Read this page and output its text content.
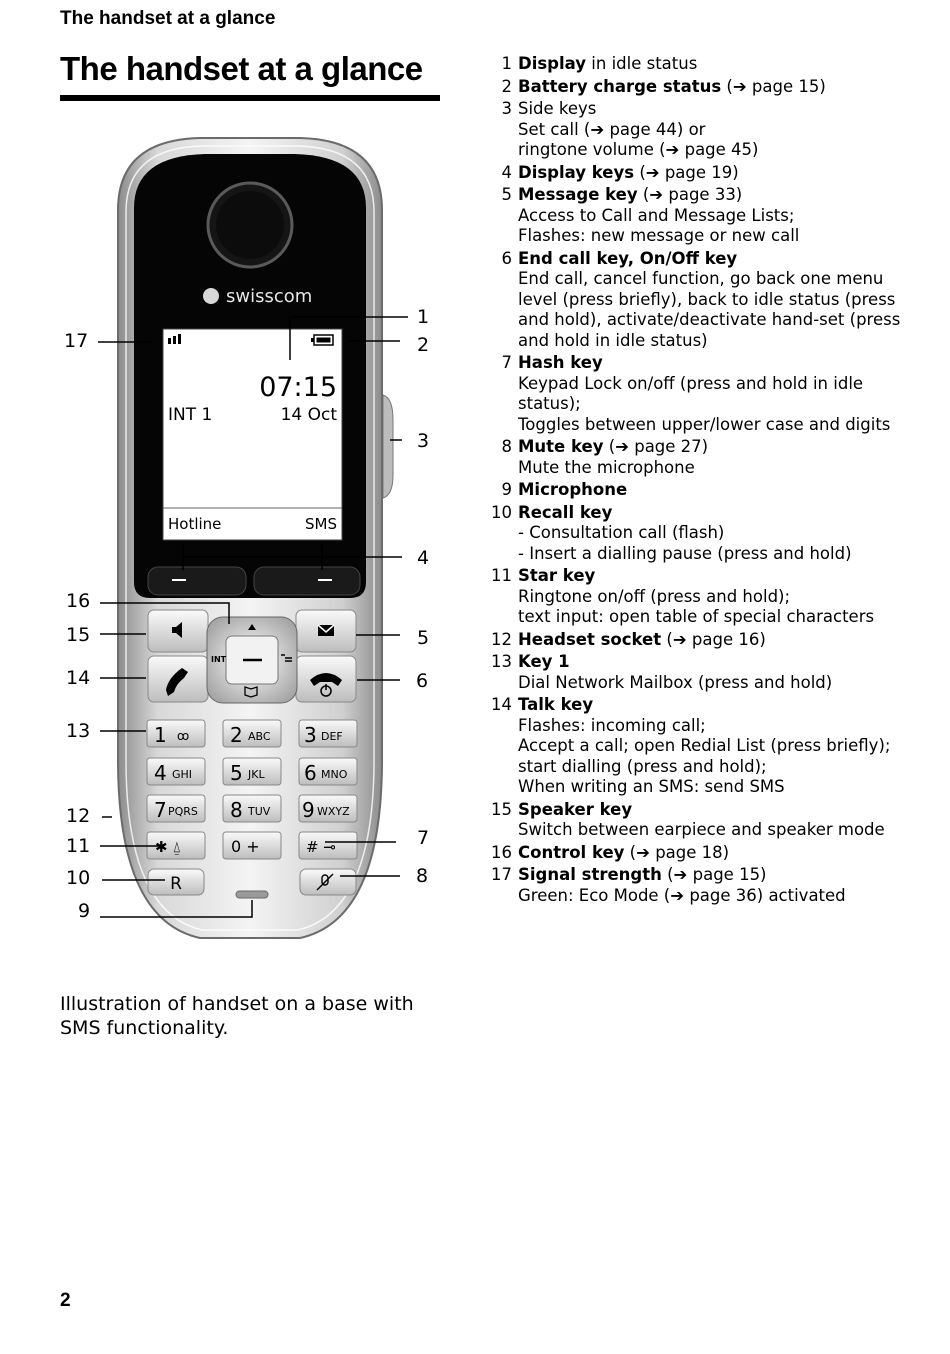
The handset at a glance
The handset at a glance
swisscom
07:15
INT 1	14 Oct
Hotline	SMS
INT
1 ꝏ 2 ABC 3 DEF
4 GHI 5 JKL 6 MNO
7 PQRS 8 TUV 9 WXYZ
✱ ⍙	0 +	# ⊸
R
1
2
3
4
5
6
7
8
9
10
11
12
13
14
15
16
17
1 Display in idle status
2 Battery charge status (➔ page 15)
3 Side keys
Set call (➔ page 44) or
ringtone volume (➔ page 45)
4 Display keys (➔ page 19)
5 Message key (➔ page 33)
Access to Call and Message Lists;
Flashes: new message or new call
6 End call key, On/Off key
End call, cancel function, go back one menu level (press briefly), back to idle status (press and hold), activate/deactivate hand-set (press and hold in idle status)
7 Hash key
Keypad Lock on/off (press and hold in idle status);
Toggles between upper/lower case and digits
8 Mute key (➔ page 27)
Mute the microphone
9 Microphone
10 Recall key
- Consultation call (flash)
- Insert a dialling pause (press and hold)
11 Star key
Ringtone on/off (press and hold);
text input: open table of special characters
12 Headset socket (➔ page 16)
13 Key 1
Dial Network Mailbox (press and hold)
14 Talk key
Flashes: incoming call;
Accept a call; open Redial List (press briefly);
start dialling (press and hold);
When writing an SMS: send SMS
15 Speaker key
Switch between earpiece and speaker mode
16 Control key (➔ page 18)
17 Signal strength (➔ page 15)
Green: Eco Mode (➔ page 36) activated
Illustration of handset on a base with SMS functionality.
2
